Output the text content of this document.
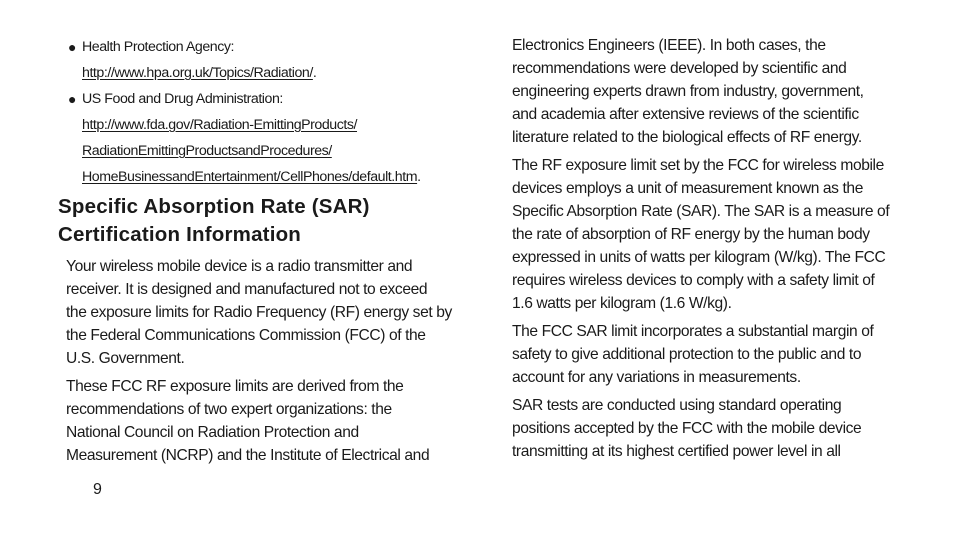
● Health Protection Agency:
http://www.hpa.org.uk/Topics/Radiation/.
● US Food and Drug Administration:
http://www.fda.gov/Radiation-EmittingProducts/
RadiationEmittingProductsandProcedures/
HomeBusinessandEntertainment/CellPhones/default.htm.
Specific Absorption Rate (SAR)
Certification Information

Your wireless mobile device is a radio transmitter and
receiver. It is designed and manufactured not to exceed
the exposure limits for Radio Frequency (RF) energy set by
the Federal Communications Commission (FCC) of the
U.S. Government.

These FCC RF exposure limits are derived from the
recommendations of two expert organizations: the
National Council on Radiation Protection and
Measurement (NCRP) and the Institute of Electrical and

Electronics Engineers (IEEE). In both cases, the
recommendations were developed by scientific and
engineering experts drawn from industry, government,
and academia after extensive reviews of the scientific
literature related to the biological effects of RF energy.

The RF exposure limit set by the FCC for wireless mobile
devices employs a unit of measurement known as the
Specific Absorption Rate (SAR). The SAR is a measure of
the rate of absorption of RF energy by the human body
expressed in units of watts per kilogram (W/kg). The FCC
requires wireless devices to comply with a safety limit of
1.6 watts per kilogram (1.6 W/kg).

The FCC SAR limit incorporates a substantial margin of
safety to give additional protection to the public and to
account for any variations in measurements.

SAR tests are conducted using standard operating
positions accepted by the FCC with the mobile device
transmitting at its highest certified power level in all

9
